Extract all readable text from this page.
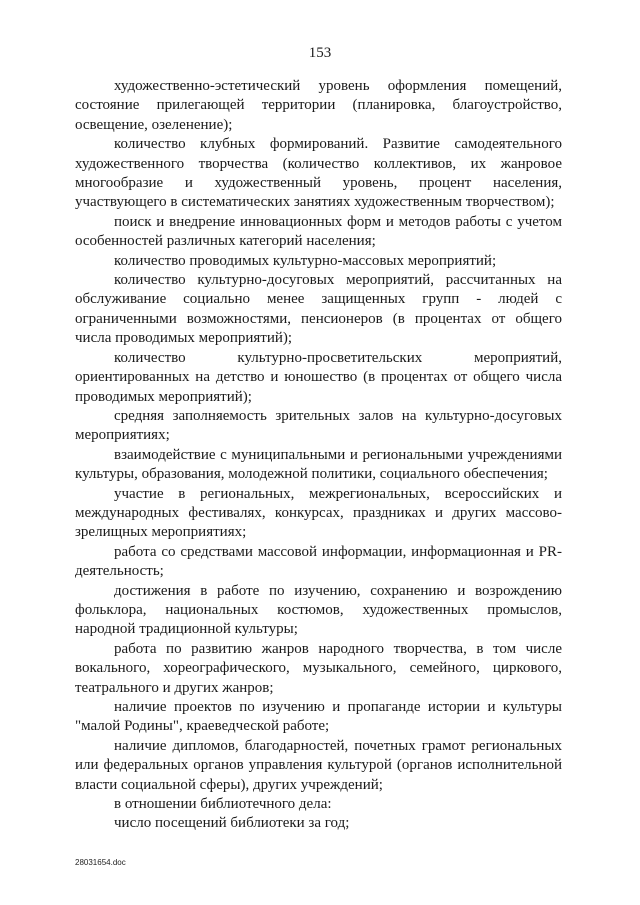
153

художественно-эстетический уровень оформления помещений, состояние прилегающей территории (планировка, благоустройство, освещение, озеленение);

количество клубных формирований. Развитие самодеятельного художественного творчества (количество коллективов, их жанровое многообразие и художественный уровень, процент населения, участвующего в систематических занятиях художественным творчеством);

поиск и внедрение инновационных форм и методов работы с учетом особенностей различных категорий населения;

количество проводимых культурно-массовых мероприятий;

количество культурно-досуговых мероприятий, рассчитанных на обслуживание социально менее защищенных групп - людей с ограниченными возможностями, пенсионеров (в процентах от общего числа проводимых мероприятий);

количество культурно-просветительских мероприятий, ориентированных на детство и юношество (в процентах от общего числа проводимых мероприятий);

средняя заполняемость зрительных залов на культурно-досуговых мероприятиях;

взаимодействие с муниципальными и региональными учреждениями культуры, образования, молодежной политики, социального обеспечения;

участие в региональных, межрегиональных, всероссийских и международных фестивалях, конкурсах, праздниках и других массово-зрелищных мероприятиях;

работа со средствами массовой информации, информационная и PR-деятельность;

достижения в работе по изучению, сохранению и возрождению фольклора, национальных костюмов, художественных промыслов, народной традиционной культуры;

работа по развитию жанров народного творчества, в том числе вокального, хореографического, музыкального, семейного, циркового, театрального и других жанров;

наличие проектов по изучению и пропаганде истории и культуры "малой Родины", краеведческой работе;

наличие дипломов, благодарностей, почетных грамот региональных или федеральных органов управления культурой (органов исполнительной власти социальной сферы), других учреждений;

в отношении библиотечного дела:

число посещений библиотеки за год;

28031654.doc
